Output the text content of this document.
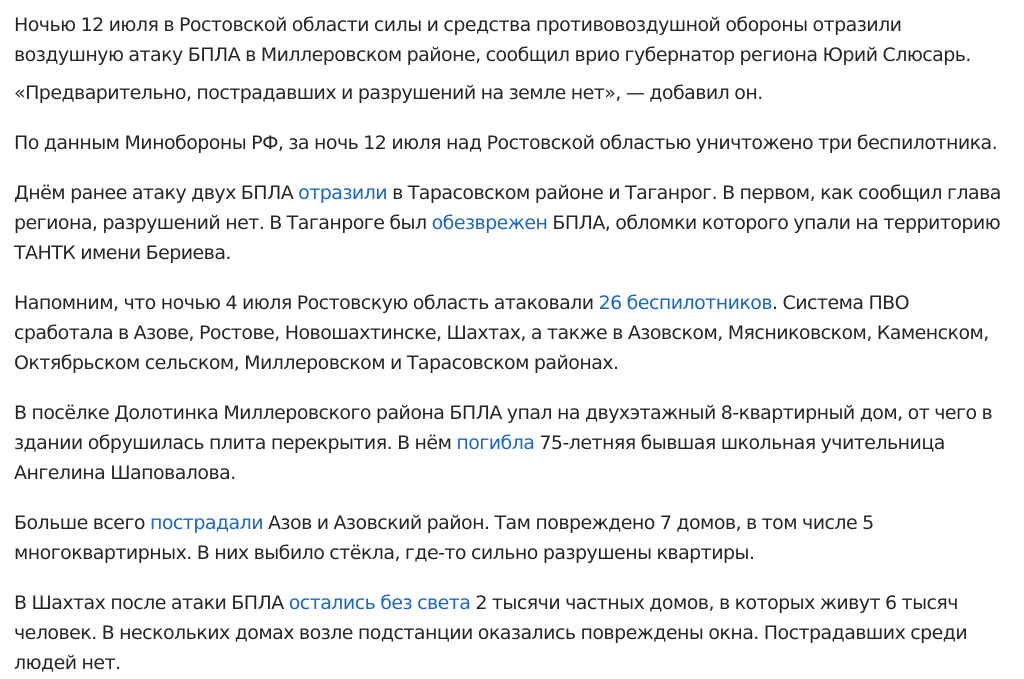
Ночью 12 июля в Ростовской области силы и средства противовоздушной обороны отразили воздушную атаку БПЛА в Миллеровском районе, сообщил врио губернатор региона Юрий Слюсарь.

«Предварительно, пострадавших и разрушений на земле нет», — добавил он.

По данным Минобороны РФ, за ночь 12 июля над Ростовской областью уничтожено три беспилотника.

Днём ранее атаку двух БПЛА отразили в Тарасовском районе и Таганрог. В первом, как сообщил глава региона, разрушений нет. В Таганроге был обезврежен БПЛА, обломки которого упали на территорию ТАНТК имени Бериева.

Напомним, что ночью 4 июля Ростовскую область атаковали 26 беспилотников. Система ПВО сработала в Азове, Ростове, Новошахтинске, Шахтах, а также в Азовском, Мясниковском, Каменском, Октябрьском сельском, Миллеровском и Тарасовском районах.

В посёлке Долотинка Миллеровского района БПЛА упал на двухэтажный 8-квартирный дом, от чего в здании обрушилась плита перекрытия. В нём погибла 75-летняя бывшая школьная учительница Ангелина Шаповалова.

Больше всего пострадали Азов и Азовский район. Там повреждено 7 домов, в том числе 5 многоквартирных. В них выбило стёкла, где-то сильно разрушены квартиры.

В Шахтах после атаки БПЛА остались без света 2 тысячи частных домов, в которых живут 6 тысяч человек. В нескольких домах возле подстанции оказались повреждены окна. Пострадавших среди людей нет.
